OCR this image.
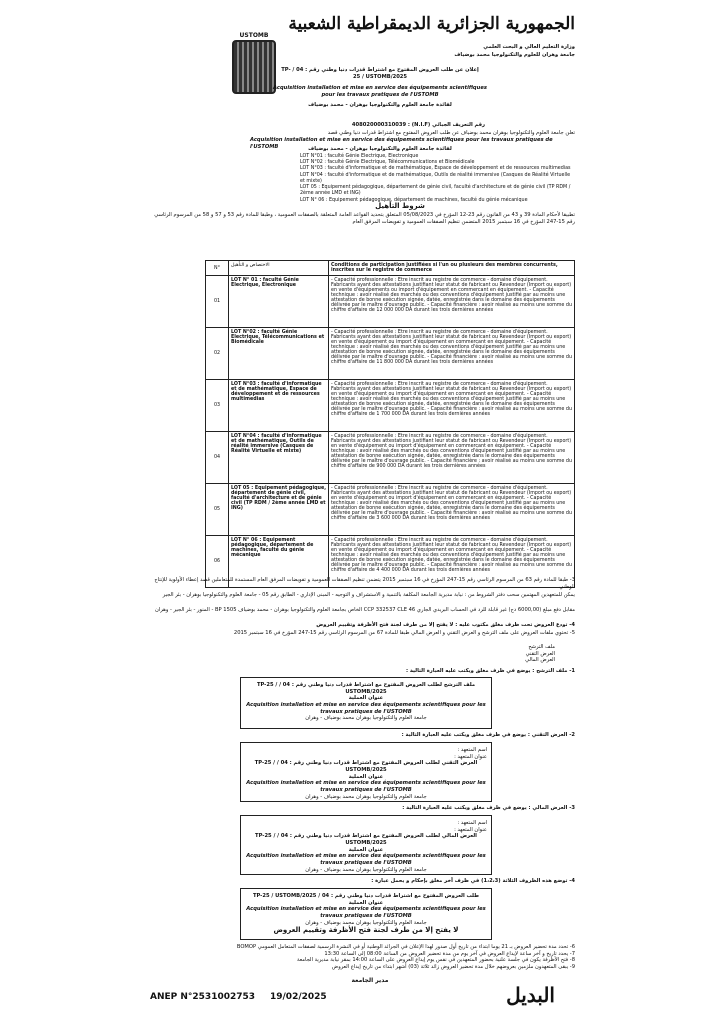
الجمهورية الجزائرية الديمقراطية الشعبية
USTOMB
وزارة التعليم العالي و البحث العلمي
جامعة وهران للعلوم والتكنولوجيا محمد بوضياف
إعلان عن طلب العروض المفتوح مع اشتراط قدرات دنيا وطني رقم : 04 / TP-25 / USTOMB/2025
Acquisition installation et mise en service des équipements scientifiques pour les travaux pratiques de l'USTOMB
لفائدة جامعة العلوم والتكنولوجيا بوهران - محمد بوضياف
رقم التعريف الجبائي (N.I.F) : 408020000310039
تعلن جامعة العلوم والتكنولوجيا بوهران محمد بوضياف عن طلب العروض المفتوح مع اشتراط قدرات دنيا وطني قصد
Acquisition installation et mise en service des équipements scientifiques pour les travaux pratiques de l'USTOMB	لفائدة جامعة العلوم والتكنولوجيا بوهران - محمد بوضياف
LOT N°01 : faculté Génie Electrique, Electronique
LOT N°02 : faculté Génie Electrique, Télécommunications et Biomédicale
LOT N°03 : faculté d'informatique et de mathématique, Espace de développement et de ressources multimedias
LOT N°04 : faculté d'informatique et de mathématique, Outils de réalité immersive (Casques de Réalité Virtuelle et mixte)
LOT 05 : Equipement pédagogique, département de génie civil, faculté d'architecture et de génie civil (TP RDM / 2ème année LMD et ING)
LOT N° 06 : Equipement pédagogique, département de machines, faculté du génie mécanique
شروط التأهيل
تطبيقا لأحكام المادة 39 و 43 من القانون رقم 23-12 المؤرخ في 05/08/2023 المتعلق بتحديد القواعد العامة المتعلقة بالصفقات العمومية ، وطبقا للمادة رقم 53 و 57 و 58 من المرسوم الرئاسي رقم 15-247 المؤرخ في 16 سبتمبر 2015 المتضمن تنظيم الصفقات العمومية و تفويضات المرفق العام
N°	الاختصاص و التأهيل	Conditions de participation justifiées si l'un ou plusieurs des membres concurrents, inscrites sur le registre de commerce
01	LOT N° 01 : faculté Génie Electrique, Electronique	- Capacité professionnelle : Etre inscrit au registre de commerce - domaine d'équipement. Fabricants ayant des attestations justifiant leur statut de fabricant ou Revendeur (Import ou export) en vente d'équipements ou import d'équipement en commercant en équipement. - Capacité technique : avoir réalisé des marchés ou des conventions d'équipement justifié par au moins une attestation de bonne exécution signée, datée, enregistrée dans le domaine des équipements délivrée par le maître d'ouvrage public. - Capacité financière : avoir réalisé au moins une somme du chiffre d'affaire de 12 000 000 DA durant les trois dernières années
02	LOT N°02 : faculté Génie Electrique, Télécommunications et Biomédicale	- Capacité professionnelle : Etre inscrit au registre de commerce - domaine d'équipement. Fabricants ayant des attestations justifiant leur statut de fabricant ou Revendeur (Import ou export) en vente d'équipement ou import d'équipement en commercant en équipement. - Capacité technique : avoir réalisé des marchés ou des conventions d'équipement justifié par au moins une attestation de bonne exécution signée, datée, enregistrée dans le domaine des équipements délivrée par le maître d'ouvrage public. - Capacité financière : avoir réalisé au moins une somme du chiffre d'affaire de 11 800 000 DA durant les trois dernières années
03	LOT N°03 : faculté d'informatique et de mathématique, Espace de développement et de ressources multimedias	- Capacité professionnelle : Etre inscrit au registre de commerce - domaine d'équipement. Fabricants ayant des attestations justifiant leur statut de fabricant ou Revendeur (Import ou export) en vente d'équipement ou import d'équipement en commercant en équipement. - Capacité technique : avoir réalisé des marchés ou des conventions d'équipement justifié par au moins une attestation de bonne exécution signée, datée, enregistrée dans le domaine des équipements délivrée par le maître d'ouvrage public. - Capacité financière : avoir réalisé au moins une somme du chiffre d'affaire de 1 700 000 DA durant les trois dernières années
04	LOT N°04 : faculté d'informatique et de mathématique, Outils de réalité immersive (Casques de Réalité Virtuelle et mixte)	- Capacité professionnelle : Etre inscrit au registre de commerce - domaine d'équipement. Fabricants ayant des attestations justifiant leur statut de fabricant ou Revendeur (Import ou export) en vente d'équipement ou import d'équipement en commercant en équipement. - Capacité technique : avoir réalisé des marchés ou des conventions d'équipement justifié par au moins une attestation de bonne exécution signée, datée, enregistrée dans le domaine des équipements délivrée par le maître d'ouvrage public. - Capacité financière : avoir réalisé au moins une somme du chiffre d'affaire de 900 000 DA durant les trois dernières années
05	LOT 05 : Equipement pédagogique, département de génie civil, faculté d'architecture et de génie civil (TP RDM / 2ème année LMD et ING)	- Capacité professionnelle : Etre inscrit au registre de commerce - domaine d'équipement. Fabricants ayant des attestations justifiant leur statut de fabricant ou Revendeur (Import ou export) en vente d'équipement ou import d'équipement en commercant en équipement. - Capacité technique : avoir réalisé des marchés ou des conventions d'équipement justifié par au moins une attestation de bonne exécution signée, datée, enregistrée dans le domaine des équipements délivrée par le maître d'ouvrage public. - Capacité financière : avoir réalisé au moins une somme du chiffre d'affaire de 3 600 000 DA durant les trois dernières années
06	LOT N° 06 : Equipement pédagogique, département de machines, faculté du génie mécanique	- Capacité professionnelle : Etre inscrit au registre de commerce - domaine d'équipement. Fabricants ayant des attestations justifiant leur statut de fabricant ou Revendeur (Import ou export) en vente d'équipement ou import d'équipement en commercant en équipement. - Capacité technique : avoir réalisé des marchés ou des conventions d'équipement justifié par au moins une attestation de bonne exécution signée, datée, enregistrée dans le domaine des équipements délivrée par le maître d'ouvrage public. - Capacité financière : avoir réalisé au moins une somme du chiffre d'affaire de 4 400 000 DA durant les trois dernières années
3- طبقا للمادة رقم 63 من المرسوم الرئاسي رقم 15-247 المؤرخ في 16 سبتمبر 2015 يتضمن تنظيم الصفقات العمومية و تفويضات المرفق العام المستمدة للمتعاملين قصد إعطاء الأولوية للإنتاج الوطني
يمكن للمتعهدين المهتمين سحب دفتر الشروط من : نيابة مديرية الجامعة المكلفة بالتنمية و الاستشراف و التوجيه - المبنى الإداري - الطابق رقم 05 - جامعة العلوم والتكنولوجيا بوهران - بئر الجير
مقابل دفع مبلغ (6000,00 دج) غير قابلة للرد في الحساب البريدي الجاري CCP 332537 CLE 46 الخاص بجامعة العلوم والتكنولوجيا بوهران - محمد بوضياف BP 1505 - المنور - بئر الجير - وهران
4- تودع العروض تحت ظرف مغلق مكتوب عليه : لا يفتح إلا من طرف لجنة فتح الأظرفة وتقييم العروض
5- تحتوي ملفات العروض على ملف الترشح و العرض التقني و العرض المالي طبقا للمادة 67 من المرسوم الرئاسي رقم 15-247 المؤرخ في 16 سبتمبر 2015
ملف الترشح
العرض التقني
العرض المالي
1- ملف الترشح : يوضع في ظرف مغلق ويكتب عليه العبارة التالية :
ملف الترشح لطلب العروض المفتوح مع اشتراط قدرات دنيا وطني رقم : 04 / TP-25 / USTOMB/2025
عنوان العملية
Acquisition installation et mise en service des équipements scientifiques pour les travaux pratiques de l'USTOMB
جامعة العلوم والتكنولوجيا بوهران محمد بوضياف - وهران
2- العرض التقني : يوضع في ظرف مغلق ويكتب عليه العبارة التالية :
اسم المتعهد :
عنوان المتعهد :
العرض التقني لطلب العروض المفتوح مع اشتراط قدرات دنيا وطني رقم : 04 / TP-25 / USTOMB/2025
عنوان العملية
Acquisition installation et mise en service des équipements scientifiques pour les travaux pratiques de l'USTOMB
جامعة العلوم والتكنولوجيا بوهران محمد بوضياف - وهران
3- العرض المالي : يوضع في ظرف مغلق ويكتب عليه العبارة التالية :
اسم المتعهد :
عنوان المتعهد :
العرض المالي لطلب العروض المفتوح مع اشتراط قدرات دنيا وطني رقم : 04 / TP-25 / USTOMB/2025
عنوان العملية
Acquisition installation et mise en service des équipements scientifiques pour les travaux pratiques de l'USTOMB
جامعة العلوم والتكنولوجيا بوهران محمد بوضياف - وهران
4- توضع هذه الظروف الثلاثة (1،2،3) في ظرف آخر مغلق بإحكام و يحمل عبارة :
طلب العروض المفتوح مع اشتراط قدرات دنيا وطني رقم : 04 / TP-25 / USTOMB/2025
عنوان العملية
Acquisition installation et mise en service des équipements scientifiques pour les travaux pratiques de l'USTOMB
جامعة العلوم والتكنولوجيا بوهران محمد بوضياف - وهران
لا يفتح إلا من طرف لجنة فتح الأظرفة وتقييم العروض
6- تحدد مدة تحضير العروض بـ 21 يوما ابتداء من تاريخ أول صدور لهذا الإعلان في الجرائد الوطنية أو في النشرة الرسمية لصفقات المتعامل العمومي BOMOP
7- يحدد تاريخ و آخر ساعة لإيداع العروض في آخر يوم من مدة تحضير العروض من الساعة 08:00 إلى الساعة 13:30
8- فتح الأظرفة يكون في جلسة علنية بحضور المتعهدين في نفس يوم إيداع العروض على الساعة 14:00 بمقر نيابة مديرية الجامعة
9- يبقى المتعهدون ملزمين بعروضهم خلال مدة تحضير العروض زائد ثلاثة (03) أشهر ابتداء من تاريخ إيداع العروض
مدير الجامعة
ANEP N°2531002753 19/02/2025	البديل
